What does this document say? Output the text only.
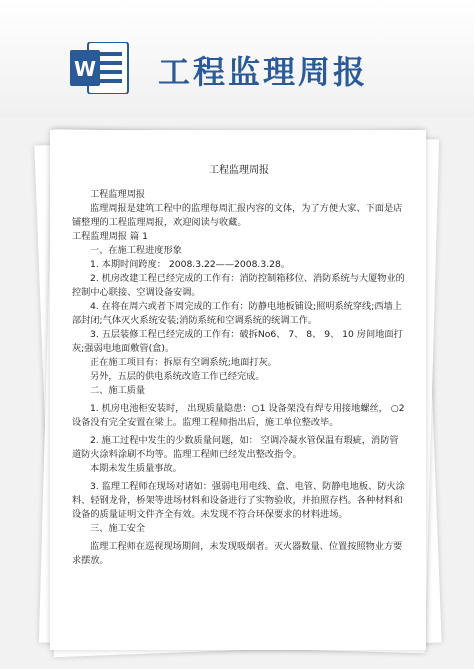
W 工程监理周报
工程监理周报

工程监理周报

监理周报是建筑工程中的监理每周汇报内容的文体，为了方便大家、下面是店铺整理的工程监理周报，欢迎阅读与收藏。

工程监理周报 篇 1

一、在施工程进度形象

1. 本期时间跨度： 2008.3.22——2008.3.28。

2. 机房改建工程已经完成的工作有：消防控制箱移位、消防系统与大厦物业的控制中心联接、空调设备安调。

4. 在将在周六或者下周完成的工作有：防静电地板铺设;照明系统穿线;西墙上部封闭;气体灭火系统安装;消防系统和空调系统的统调工作。

3. 五层装修工程已经完成的工作有：破拆No6、 7、 8、 9、 10 房间地面打灰;强弱电地面敷管(盒)。

正在施工项目有：拆原有空调系统;地面打灰。

另外，五层的供电系统改造工作已经完成。

二、施工质量

1. 机房电池柜安装时， 出现质量隐患：○1 设备架没有焊专用接地螺丝， ○2 设备没有完全安置在梁上。监理工程师指出后，施工单位整改毕。

2. 施工过程中发生的少数质量问题，如： 空调冷凝水管保温有瑕疵，消防管道防火涂料涂刷不均等。监理工程师已经发出整改指令。

本期未发生质量事故。

3. 监理工程师在现场对诸如：强弱电用电线、盒、电管、防静电地板、防火涂料、轻钢龙骨，桥架等进场材料和设备进行了实物验收，并拍照存档。各种材料和设备的质量证明文件齐全有效。未发现不符合环保要求的材料进场。

三、施工安全

监理工程师在巡视现场期间，未发现吸烟者。灭火器数量、位置按照物业方要求摆放。
